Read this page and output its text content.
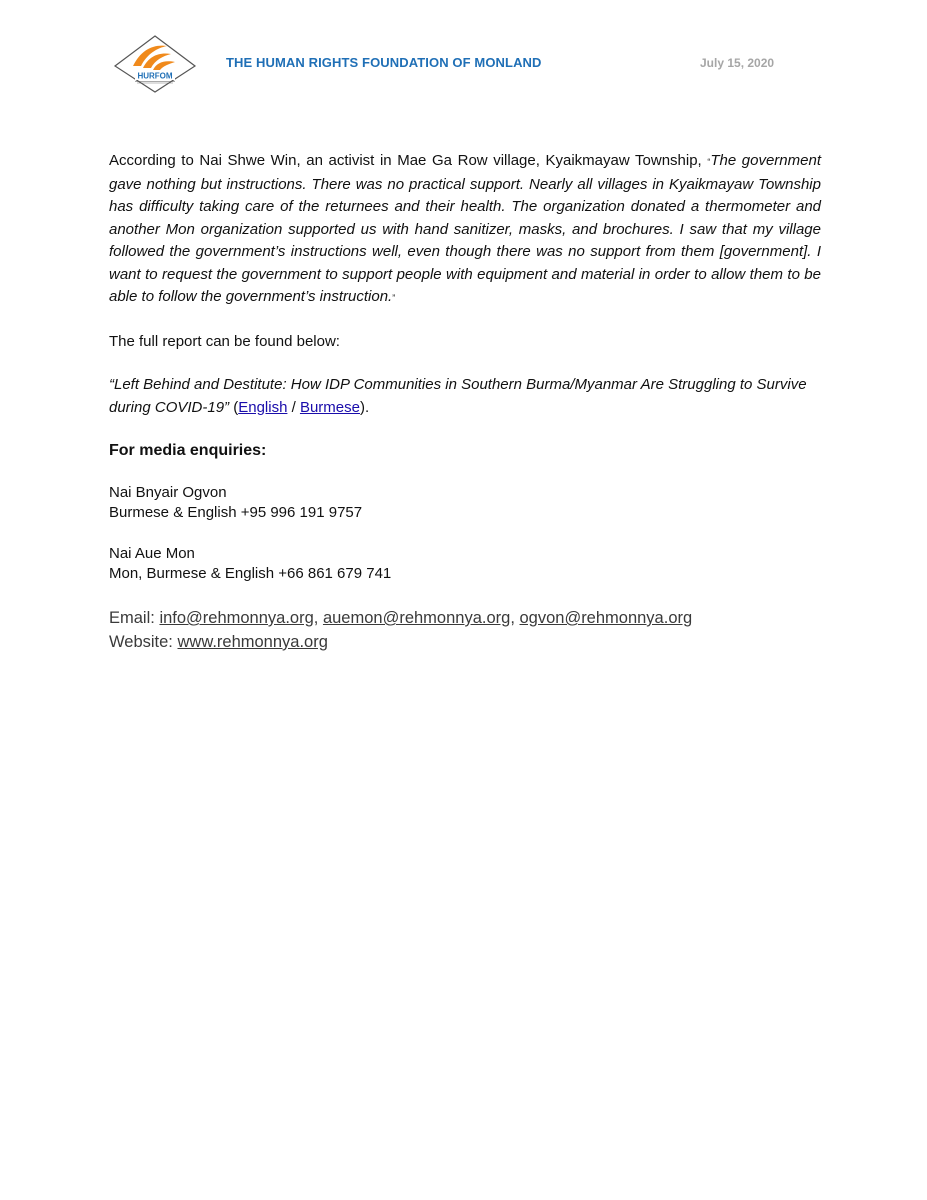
HURFOM
THE HUMAN RIGHTS FOUNDATION OF MONLAND	July 15, 2020

According to Nai Shwe Win, an activist in Mae Ga Row village, Kyaikmayaw Township, “The government gave nothing but instructions. There was no practical support. Nearly all villages in Kyaikmayaw Township has difficulty taking care of the returnees and their health. The organization donated a thermometer and another Mon organization supported us with hand sanitizer, masks, and brochures. I saw that my village followed the government’s instructions well, even though there was no support from them [government]. I want to request the government to support people with equipment and material in order to allow them to be able to follow the government’s instruction.”

The full report can be found below:

“Left Behind and Destitute: How IDP Communities in Southern Burma/Myanmar Are Struggling to Survive during COVID-19” (English / Burmese).

For media enquiries:
Nai Bnyair Ogvon
Burmese & English +95 996 191 9757
Nai Aue Mon
Mon, Burmese & English +66 861 679 741
Email: info@rehmonnya.org, auemon@rehmonnya.org, ogvon@rehmonnya.org
Website: www.rehmonnya.org
